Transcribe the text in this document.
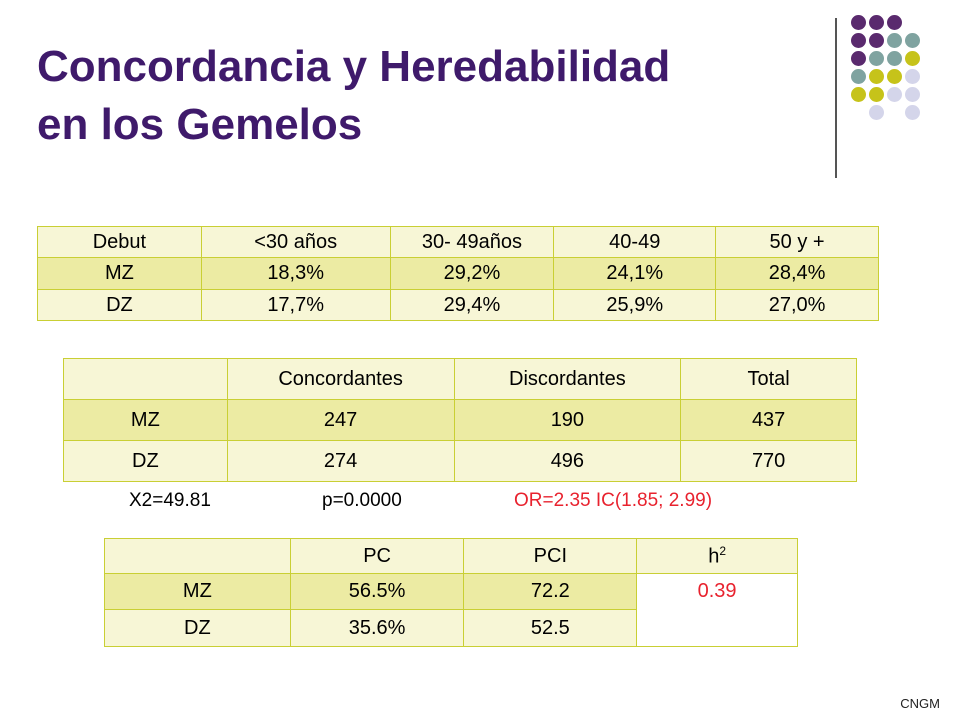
Concordancia y Heredabilidad
en los Gemelos
Debut	<30 años	30- 49años	40-49	50 y +
MZ	18,3%	29,2%	24,1%	28,4%
DZ	17,7%	29,4%	25,9%	27,0%
	Concordantes	Discordantes	Total
MZ	247	190	437
DZ	274	496	770
X2=49.81	p=0.0000	OR=2.35 IC(1.85; 2.99)
	PC	PCI	$h^2$
MZ	56.5%	72.2	0.39
DZ	35.6%	52.5	
CNGM
